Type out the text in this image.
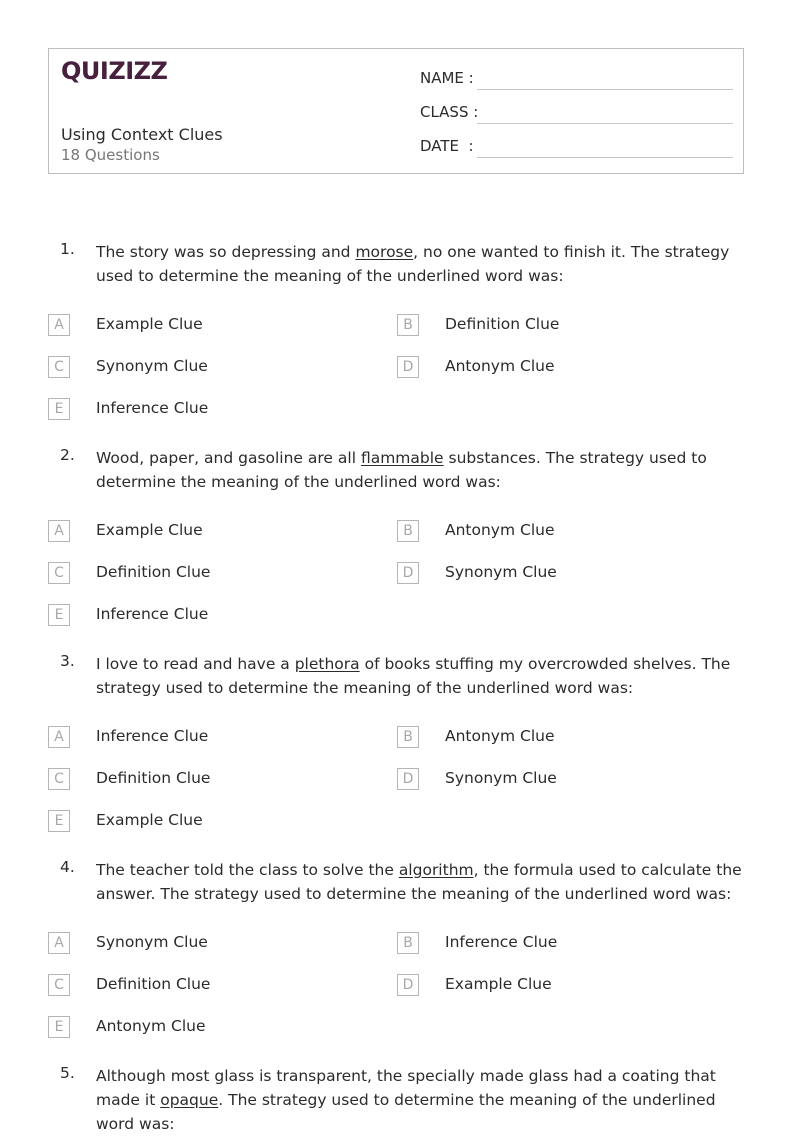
QUIZIZZ
Using Context Clues
18 Questions
NAME :
CLASS :
DATE  :
1. The story was so depressing and morose, no one wanted to finish it. The strategy used to determine the meaning of the underlined word was:
A	Example Clue	B	Definition Clue
C	Synonym Clue	D	Antonym Clue
E	Inference Clue
2. Wood, paper, and gasoline are all flammable substances. The strategy used to determine the meaning of the underlined word was:
A	Example Clue	B	Antonym Clue
C	Definition Clue	D	Synonym Clue
E	Inference Clue
3. I love to read and have a plethora of books stuffing my overcrowded shelves. The strategy used to determine the meaning of the underlined word was:
A	Inference Clue	B	Antonym Clue
C	Definition Clue	D	Synonym Clue
E	Example Clue
4. The teacher told the class to solve the algorithm, the formula used to calculate the answer. The strategy used to determine the meaning of the underlined word was:
A	Synonym Clue	B	Inference Clue
C	Definition Clue	D	Example Clue
E	Antonym Clue
5. Although most glass is transparent, the specially made glass had a coating that made it opaque. The strategy used to determine the meaning of the underlined word was:
